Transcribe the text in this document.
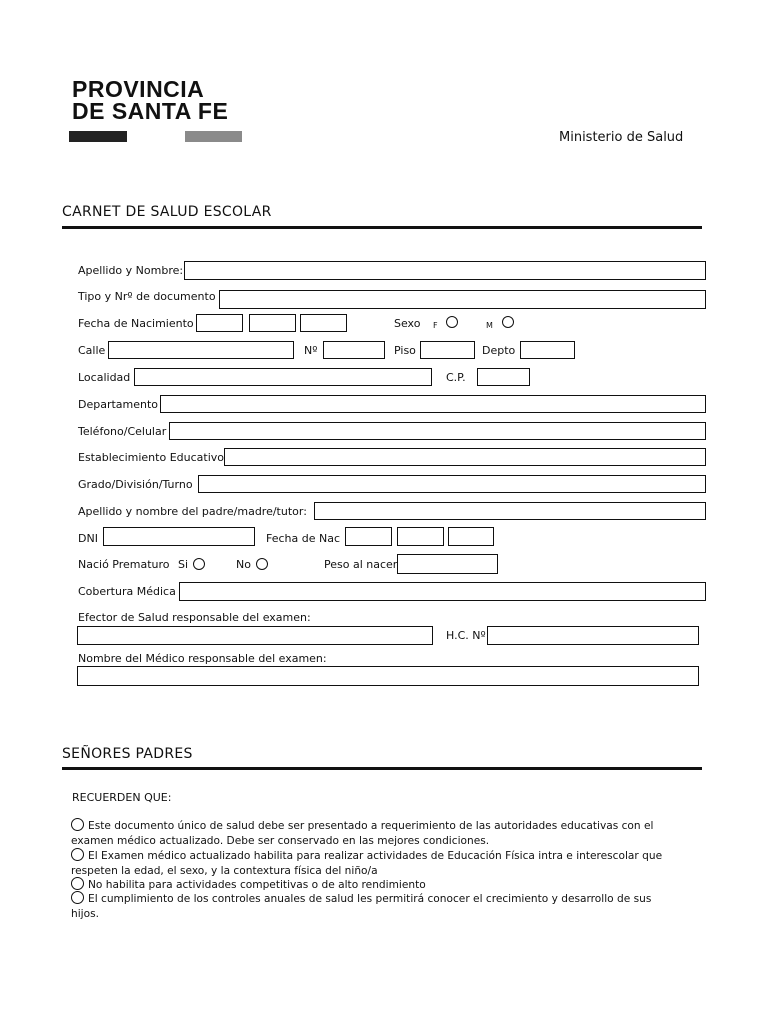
PROVINCIA
DE SANTA FE
Ministerio de Salud
CARNET DE SALUD ESCOLAR
Apellido y Nombre:
Tipo y Nrº de documento
Fecha de Nacimiento	Sexo F	M
Calle	Nº	Piso	Depto
Localidad	C.P.
Departamento
Teléfono/Celular
Establecimiento Educativo
Grado/División/Turno
Apellido y nombre del padre/madre/tutor:
DNI	Fecha de Nac
Nació Prematuro Si	No	Peso al nacer
Cobertura Médica
Efector de Salud responsable del examen:
H.C. Nº
Nombre del Médico responsable del examen:
SEÑORES PADRES
RECUERDEN QUE:
Este documento único de salud debe ser presentado a requerimiento de las autoridades educativas con el
examen médico actualizado. Debe ser conservado en las mejores condiciones.
El Examen médico actualizado habilita para realizar actividades de Educación Física intra e interescolar que
respeten la edad, el sexo, y la contextura física del niño/a
No habilita para actividades competitivas o de alto rendimiento
El cumplimiento de los controles anuales de salud les permitirá conocer el crecimiento y desarrollo de sus hijos.
